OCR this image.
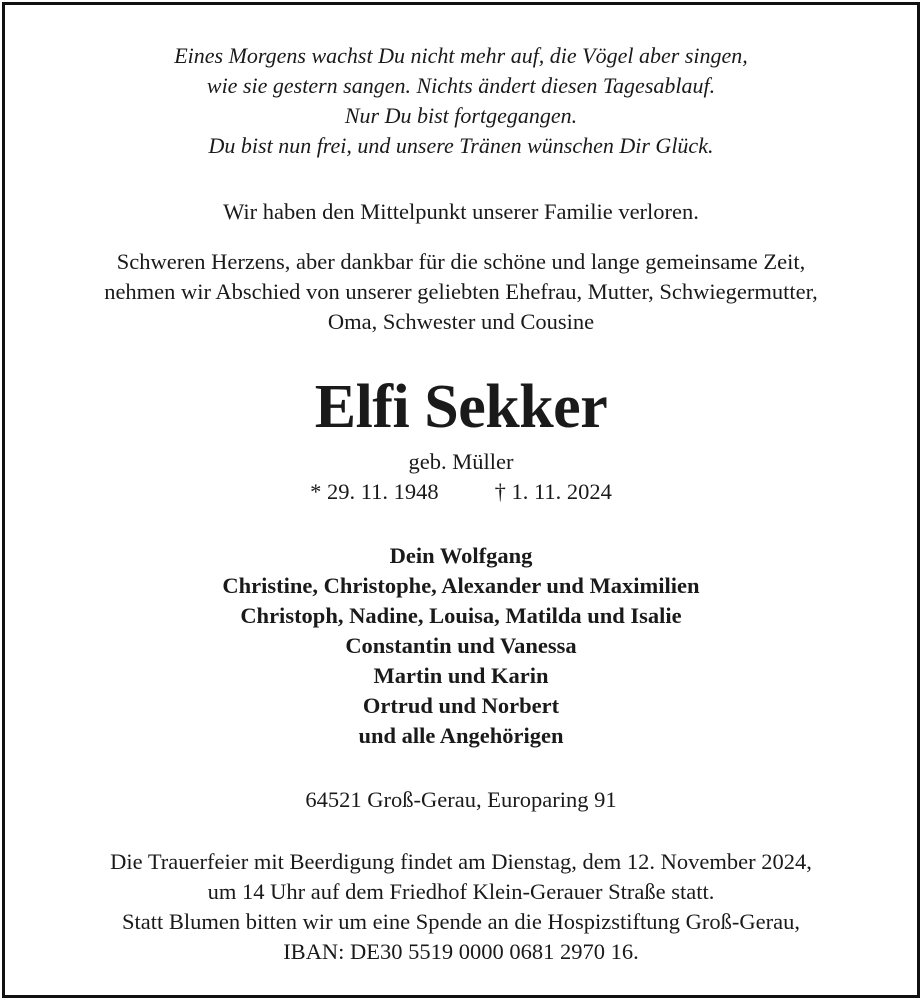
Eines Morgens wachst Du nicht mehr auf, die Vögel aber singen,
wie sie gestern sangen. Nichts ändert diesen Tagesablauf.
Nur Du bist fortgegangen.
Du bist nun frei, und unsere Tränen wünschen Dir Glück.
Wir haben den Mittelpunkt unserer Familie verloren.
Schweren Herzens, aber dankbar für die schöne und lange gemeinsame Zeit,
nehmen wir Abschied von unserer geliebten Ehefrau, Mutter, Schwiegermutter,
Oma, Schwester und Cousine
Elfi Sekker
geb. Müller
* 29. 11. 1948 † 1. 11. 2024
Dein Wolfgang
Christine, Christophe, Alexander und Maximilien
Christoph, Nadine, Louisa, Matilda und Isalie
Constantin und Vanessa
Martin und Karin
Ortrud und Norbert
und alle Angehörigen
64521 Groß-Gerau, Europaring 91
Die Trauerfeier mit Beerdigung findet am Dienstag, dem 12. November 2024,
um 14 Uhr auf dem Friedhof Klein-Gerauer Straße statt.
Statt Blumen bitten wir um eine Spende an die Hospizstiftung Groß-Gerau,
IBAN: DE30 5519 0000 0681 2970 16.
